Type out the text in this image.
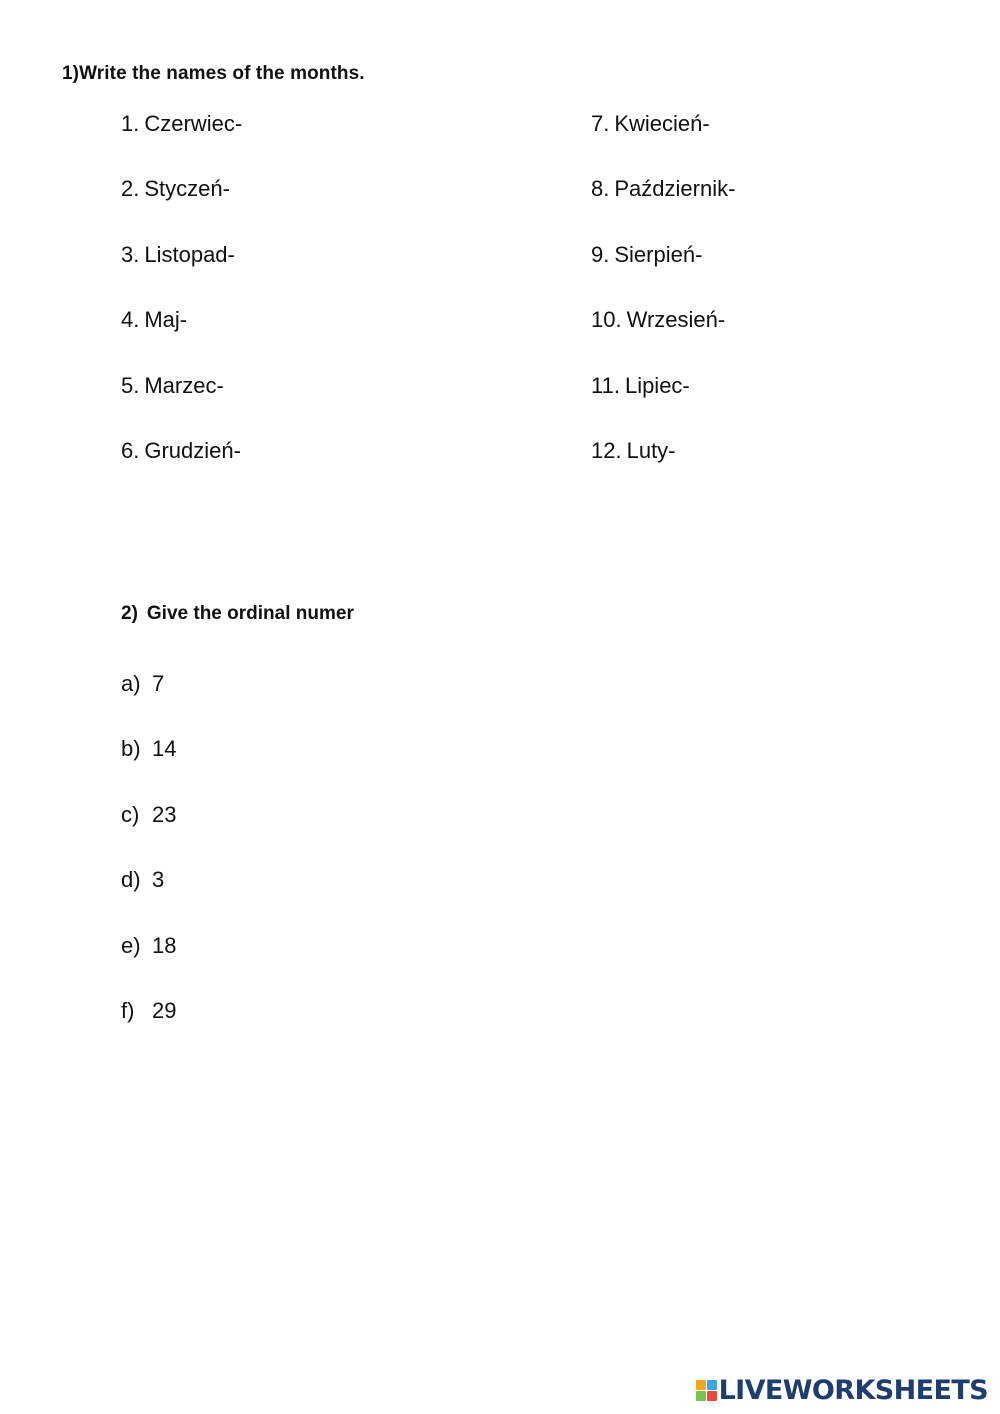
1)Write the names of the months.
1. Czerwiec-
2. Styczeń-
3. Listopad-
4. Maj-
5. Marzec-
6. Grudzień-
7. Kwiecień-
8. Październik-
9. Sierpień-
10. Wrzesień-
11. Lipiec-
12. Luty-
2) Give the ordinal numer
a) 7
b) 14
c) 23
d) 3
e) 18
f) 29
LIVEWORKSHEETS
